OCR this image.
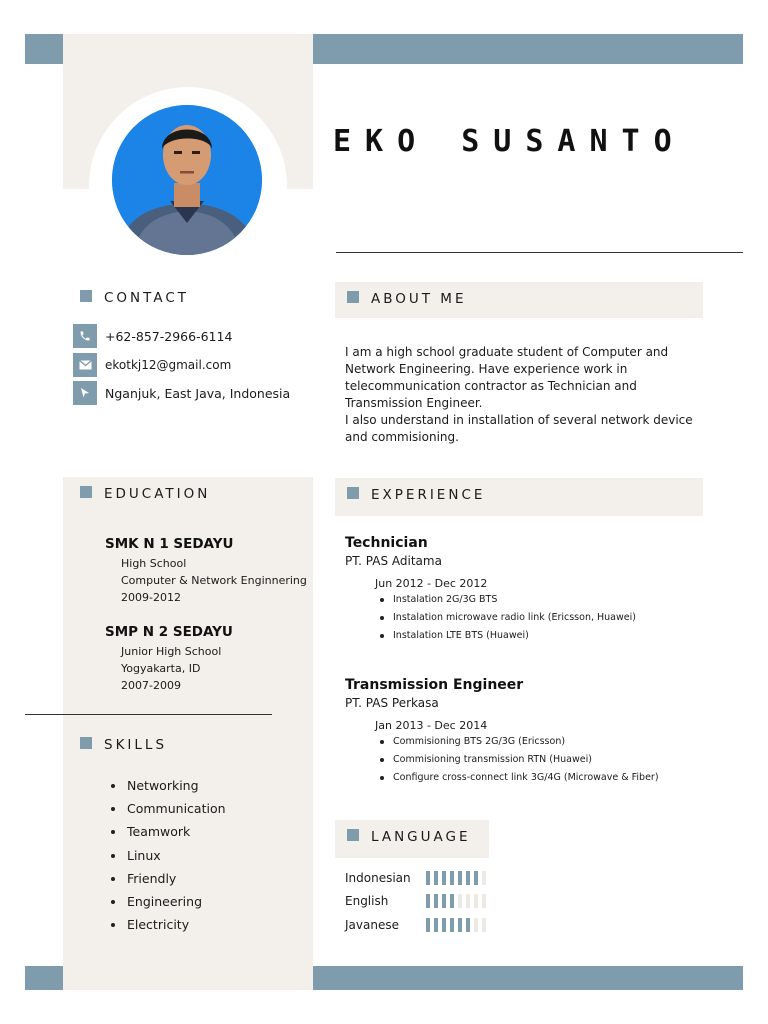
EKO SUSANTO
CONTACT
+62-857-2966-6114
ekotkj12@gmail.com
Nganjuk, East Java, Indonesia
ABOUT ME
I am a high school graduate student of Computer and
Network Engineering. Have experience work in
telecommunication contractor as Technician and
Transmission Engineer.
I also understand in installation of several network device
and commisioning.
EDUCATION
SMK N 1 SEDAYU
High School
Computer & Network Enginnering
2009-2012
SMP N 2 SEDAYU
Junior High School
Yogyakarta, ID
2007-2009
SKILLS
Networking
Communication
Teamwork
Linux
Friendly
Engineering
Electricity
EXPERIENCE
Technician
PT. PAS Aditama
Jun 2012 - Dec 2012
Instalation 2G/3G BTS
Instalation microwave radio link (Ericsson, Huawei)
Instalation LTE BTS (Huawei)
Transmission Engineer
PT. PAS Perkasa
Jan 2013 - Dec 2014
Commisioning BTS 2G/3G (Ericsson)
Commisioning transmission RTN (Huawei)
Configure cross-connect link 3G/4G (Microwave & Fiber)
LANGUAGE
Indonesian
English
Javanese
